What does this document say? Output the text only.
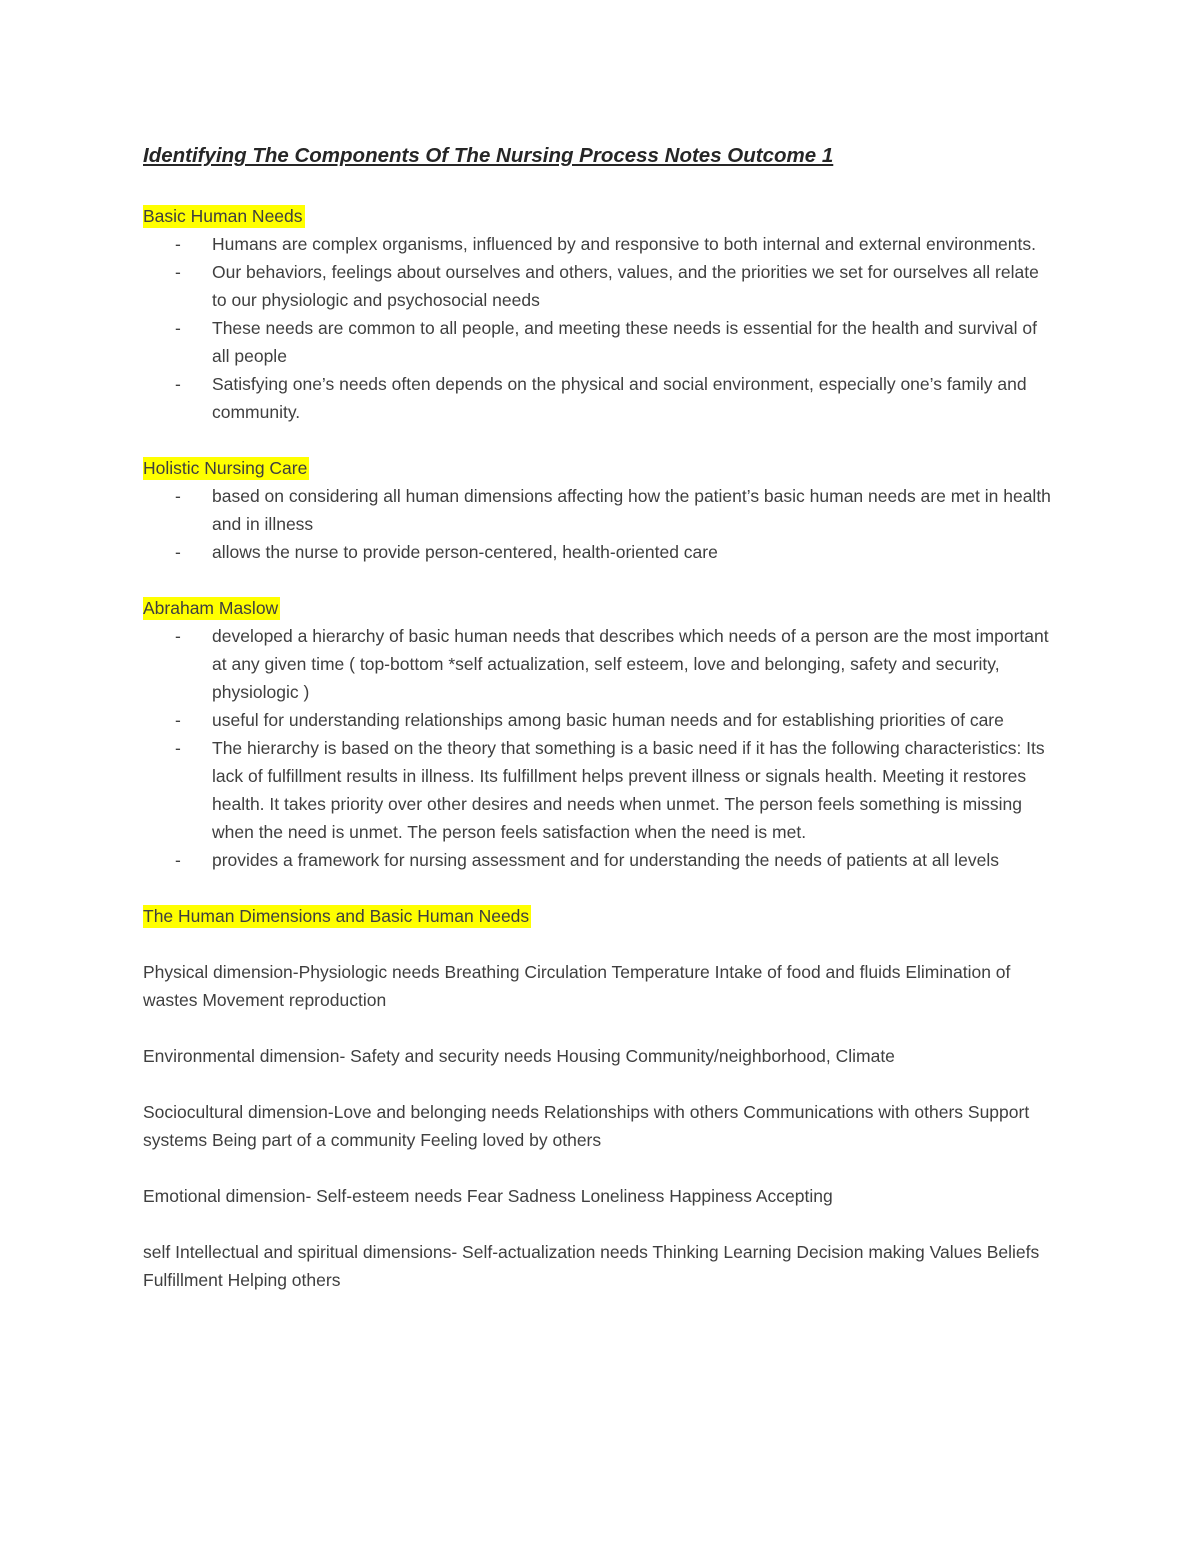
Identifying The Components Of The Nursing Process Notes Outcome 1
Basic Human Needs
-	Humans are complex organisms, influenced by and responsive to both internal and external environments.
-	Our behaviors, feelings about ourselves and others, values, and the priorities we set for ourselves all relate to our physiologic and psychosocial needs
-	These needs are common to all people, and meeting these needs is essential for the health and survival of all people
-	Satisfying one’s needs often depends on the physical and social environment, especially one’s family and community.
Holistic Nursing Care
-	based on considering all human dimensions affecting how the patient’s basic human needs are met in health and in illness
-	allows the nurse to provide person-centered, health-oriented care
Abraham Maslow
-	developed a hierarchy of basic human needs that describes which needs of a person are the most important at any given time ( top-bottom *self actualization, self esteem, love and belonging, safety and security, physiologic )
-	useful for understanding relationships among basic human needs and for establishing priorities of care
-	The hierarchy is based on the theory that something is a basic need if it has the following characteristics: Its lack of fulfillment results in illness. Its fulfillment helps prevent illness or signals health. Meeting it restores health. It takes priority over other desires and needs when unmet. The person feels something is missing when the need is unmet. The person feels satisfaction when the need is met.
-	provides a framework for nursing assessment and for understanding the needs of patients at all levels
The Human Dimensions and Basic Human Needs

Physical dimension-Physiologic needs Breathing Circulation Temperature Intake of food and fluids Elimination of wastes Movement reproduction

Environmental dimension- Safety and security needs Housing Community/neighborhood, Climate

Sociocultural dimension-Love and belonging needs Relationships with others Communications with others Support systems Being part of a community Feeling loved by others

Emotional dimension- Self-esteem needs Fear Sadness Loneliness Happiness Accepting

self Intellectual and spiritual dimensions- Self-actualization needs Thinking Learning Decision making Values Beliefs Fulfillment Helping others
